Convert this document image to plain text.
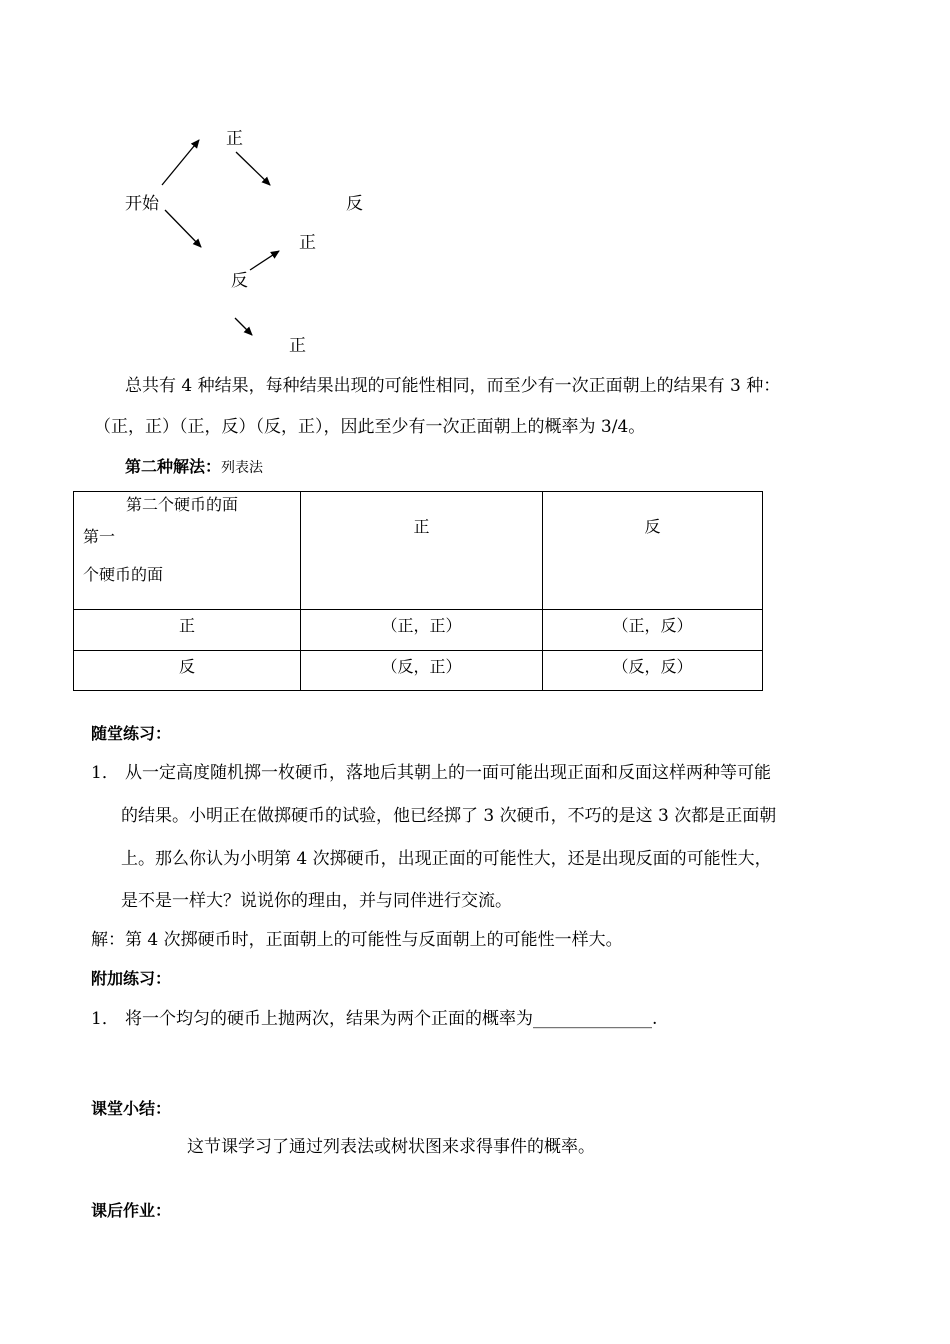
正
开始	反
正
反
正
总共有 4 种结果，每种结果出现的可能性相同，而至少有一次正面朝上的结果有 3 种：
（正，正）（正，反）（反，正），因此至少有一次正面朝上的概率为 3/4。
第二种解法：列表法
第二个硬币的面
第一
个硬币的面	正	反

正	（正，正）	（正，反）

反	（反，正）	（反，反）
随堂练习：
1． 从一定高度随机掷一枚硬币，落地后其朝上的一面可能出现正面和反面这样两种等可能
的结果。小明正在做掷硬币的试验，他已经掷了 3 次硬币，不巧的是这 3 次都是正面朝
上。那么你认为小明第 4 次掷硬币，出现正面的可能性大，还是出现反面的可能性大，
是不是一样大？说说你的理由，并与同伴进行交流。
解：第 4 次掷硬币时，正面朝上的可能性与反面朝上的可能性一样大。
附加练习：
1． 将一个均匀的硬币上抛两次，结果为两个正面的概率为______________.
课堂小结：
这节课学习了通过列表法或树状图来求得事件的概率。
课后作业：
